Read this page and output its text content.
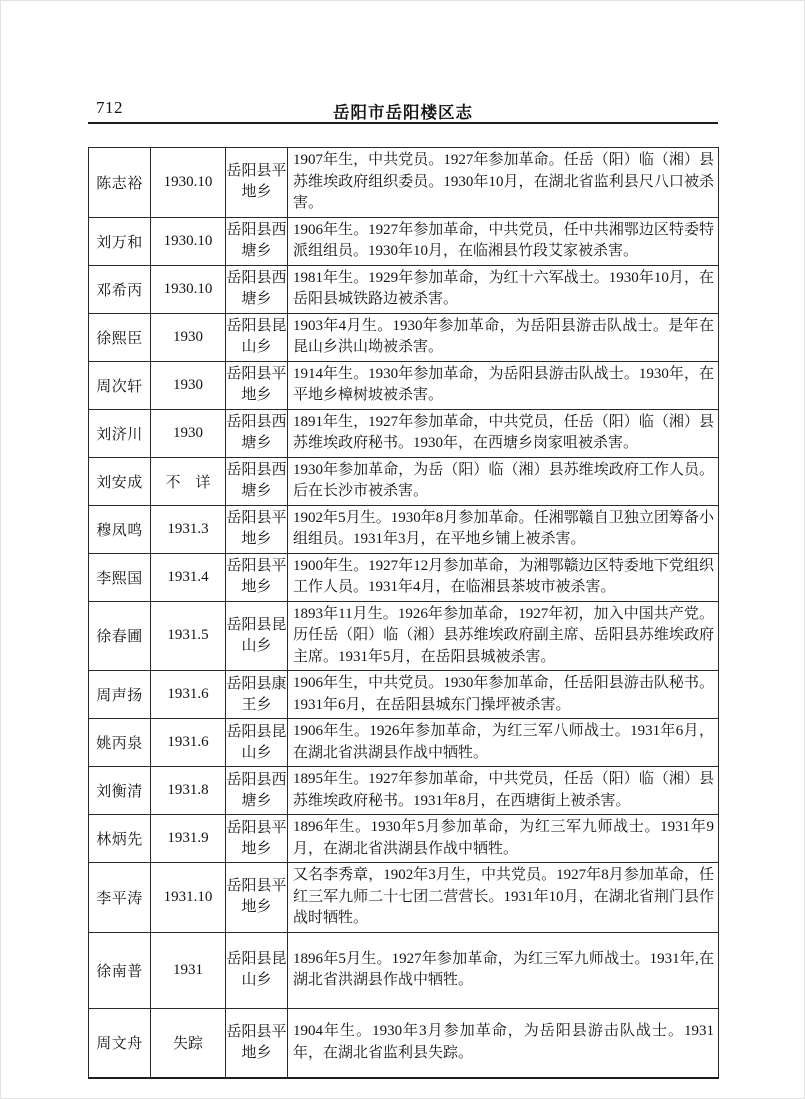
712	岳阳市岳阳楼区志
陈志裕	1930.10	岳阳县平地乡	1907年生，中共党员。1927年参加革命。任岳（阳）临（湘）县苏维埃政府组织委员。1930年10月，在湖北省监利县尺八口被杀害。
刘万和	1930.10	岳阳县西塘乡	1906年生。1927年参加革命，中共党员，任中共湘鄂边区特委特派组组员。1930年10月，在临湘县竹段艾家被杀害。
邓希丙	1930.10	岳阳县西塘乡	1981年生。1929年参加革命，为红十六军战士。1930年10月，在岳阳县城铁路边被杀害。
徐熙臣	1930	岳阳县昆山乡	1903年4月生。1930年参加革命，为岳阳县游击队战士。是年在昆山乡洪山坳被杀害。
周次轩	1930	岳阳县平地乡	1914年生。1930年参加革命，为岳阳县游击队战士。1930年，在平地乡樟树坡被杀害。
刘济川	1930	岳阳县西塘乡	1891年生，1927年参加革命，中共党员，任岳（阳）临（湘）县苏维埃政府秘书。1930年，在西塘乡岗家咀被杀害。
刘安成	不　详	岳阳县西塘乡	1930年参加革命，为岳（阳）临（湘）县苏维埃政府工作人员。后在长沙市被杀害。
穆凤鸣	1931.3	岳阳县平地乡	1902年5月生。1930年8月参加革命。任湘鄂赣自卫独立团筹备小组组员。1931年3月，在平地乡铺上被杀害。
李熙国	1931.4	岳阳县平地乡	1900年生。1927年12月参加革命，为湘鄂赣边区特委地下党组织工作人员。1931年4月，在临湘县茶坡市被杀害。
徐春圃	1931.5	岳阳县昆山乡	1893年11月生。1926年参加革命，1927年初，加入中国共产党。历任岳（阳）临（湘）县苏维埃政府副主席、岳阳县苏维埃政府主席。1931年5月，在岳阳县城被杀害。
周声扬	1931.6	岳阳县康王乡	1906年生，中共党员。1930年参加革命，任岳阳县游击队秘书。1931年6月，在岳阳县城东门操坪被杀害。
姚丙泉	1931.6	岳阳县昆山乡	1906年生。1926年参加革命，为红三军八师战士。1931年6月，在湖北省洪湖县作战中牺牲。
刘衡清	1931.8	岳阳县西塘乡	1895年生。1927年参加革命，中共党员，任岳（阳）临（湘）县苏维埃政府秘书。1931年8月，在西塘街上被杀害。
林炳先	1931.9	岳阳县平地乡	1896年生。1930年5月参加革命，为红三军九师战士。1931年9月，在湖北省洪湖县作战中牺牲。
李平涛	1931.10	岳阳县平地乡	又名李秀章，1902年3月生，中共党员。1927年8月参加革命，任红三军九师二十七团二营营长。1931年10月，在湖北省荆门县作战时牺牲。
徐南普	1931	岳阳县昆山乡	1896年5月生。1927年参加革命，为红三军九师战士。1931年,在湖北省洪湖县作战中牺牲。
周文舟	失踪	岳阳县平地乡	1904年生。1930年3月参加革命，为岳阳县游击队战士。1931年，在湖北省监利县失踪。
